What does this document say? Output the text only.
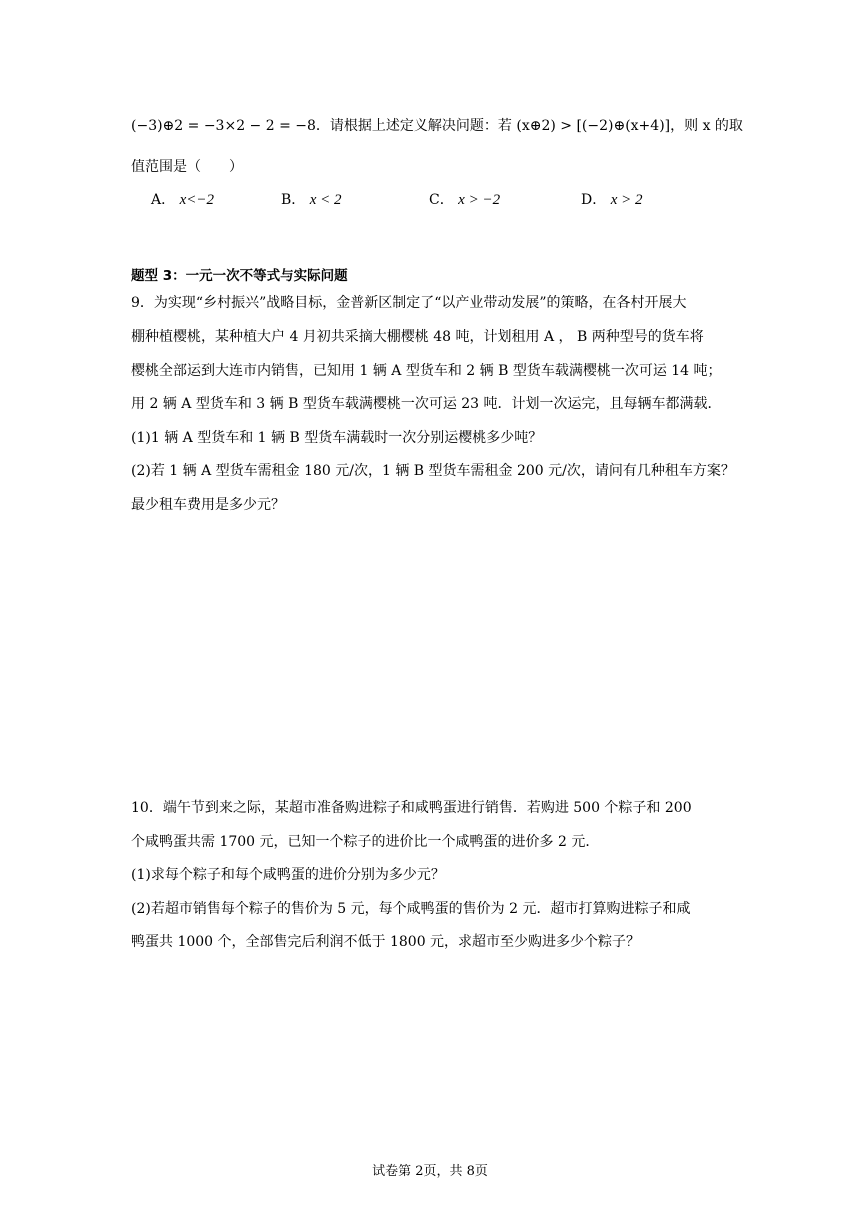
(−3)⊕2 = −3×2 − 2 = −8．请根据上述定义解决问题：若 (x⊕2) > [(−2)⊕(x+4)]，则 x 的取
值范围是（　　）
A． x<−2	B． x < 2	C． x > −2	D． x > 2
题型 3：一元一次不等式与实际问题
9．为实现“乡村振兴”战略目标，金普新区制定了“以产业带动发展”的策略，在各村开展大
棚种植樱桃，某种植大户 4 月初共采摘大棚樱桃 48 吨，计划租用 A ， B 两种型号的货车将
樱桃全部运到大连市内销售，已知用 1 辆 A 型货车和 2 辆 B 型货车载满樱桃一次可运 14 吨；
用 2 辆 A 型货车和 3 辆 B 型货车载满樱桃一次可运 23 吨．计划一次运完，且每辆车都满载．
(1)1 辆 A 型货车和 1 辆 B 型货车满载时一次分别运樱桃多少吨？
(2)若 1 辆 A 型货车需租金 180 元/次，1 辆 B 型货车需租金 200 元/次，请问有几种租车方案？
最少租车费用是多少元？
10．端午节到来之际，某超市准备购进粽子和咸鸭蛋进行销售．若购进 500 个粽子和 200
个咸鸭蛋共需 1700 元，已知一个粽子的进价比一个咸鸭蛋的进价多 2 元．
(1)求每个粽子和每个咸鸭蛋的进价分别为多少元？
(2)若超市销售每个粽子的售价为 5 元，每个咸鸭蛋的售价为 2 元．超市打算购进粽子和咸
鸭蛋共 1000 个，全部售完后利润不低于 1800 元，求超市至少购进多少个粽子？
试卷第 2页，共 8页
